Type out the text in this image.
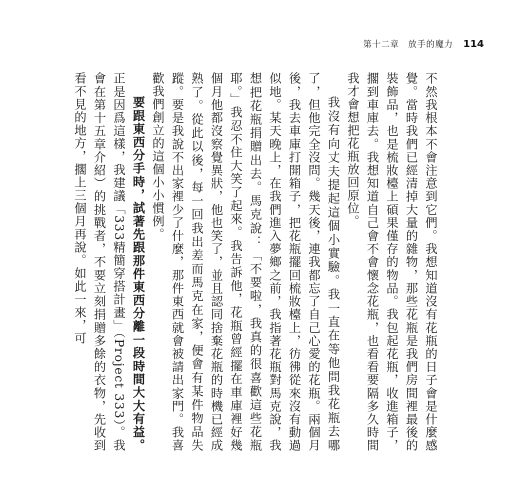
第十二章　放手的魔力 114

不然我根本不會注意到它們。我想知道沒有花瓶的日子會是什麼感覺。當時我們已經清掉大量的雜物，那些花瓶是我們房間裡最後的裝飾品，也是梳妝檯上碩果僅存的物品。我包起花瓶，收進箱子，擱到車庫去。我想知道自己會不會懷念花瓶，也看看要隔多久時間我才會想把花瓶放回原位。

我沒有向丈夫提起這個小實驗。我一直在等他問我花瓶去哪了，但他完全沒問。幾天後，連我都忘了自己心愛的花瓶。兩個月後，我去車庫打開箱子，把花瓶擺回梳妝檯上，彷彿從來沒有動過似地。某天晚上，在我們進入夢鄉之前，我指著花瓶對馬克說，我想把花瓶捐贈出去。馬克說：「不要啦，我真的很喜歡這些花瓶耶。」我忍不住大笑了起來。我告訴他，花瓶曾經擺在車庫裡好幾個月他都沒察覺異狀，他也笑了，並且認同捨棄花瓶的時機已經成熟了。從此以後，每一回我出差而馬克在家，便會有某件物品失蹤。要是我說不出家裡少了什麼，那件東西就會被請出家門。我喜歡我們創立的這個小小慣例。

要跟東西分手時，試著先跟那件東西分離一段時間大大有益。正是因爲這樣，我建議「333精簡穿搭計畫」（Project 333）。我會在第十五章介紹）的挑戰者，不要立刻捐贈多餘的衣物，先收到看不見的地方，擱上三個月再說。如此一來，可
